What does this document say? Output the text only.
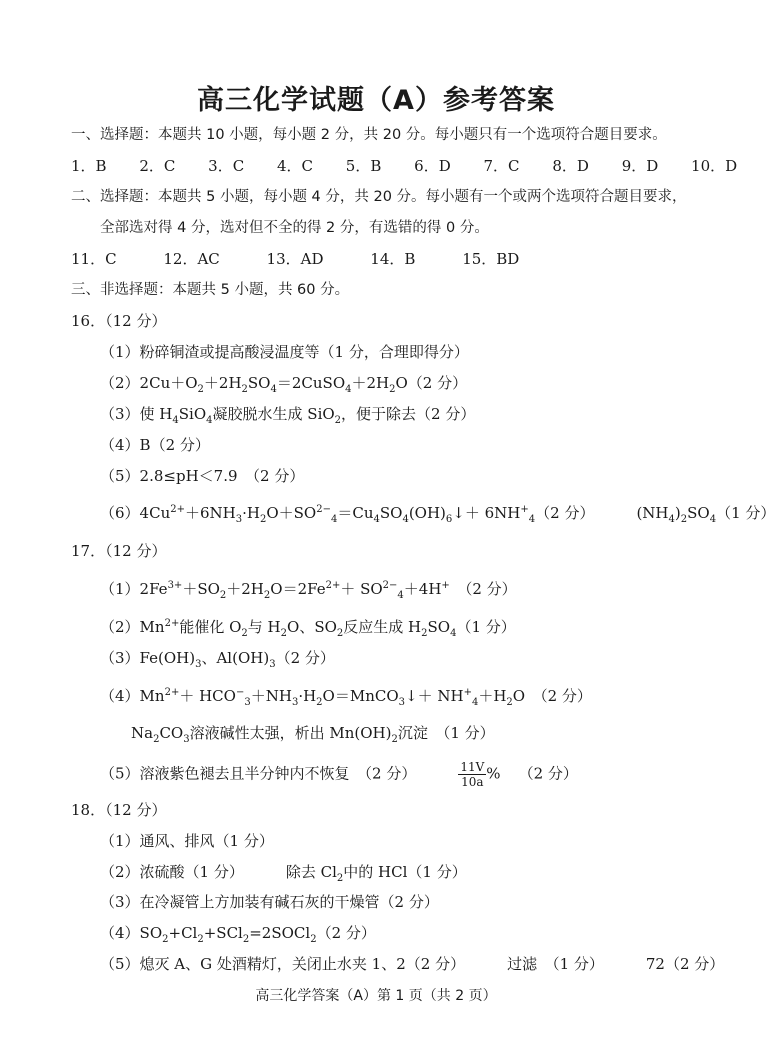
高三化学试题（A）参考答案
一、选择题：本题共 10 小题，每小题 2 分，共 20 分。每小题只有一个选项符合题目要求。
1．B 2．C 3．C 4．C 5．B 6．D 7．C 8．D 9．D 10．D
二、选择题：本题共 5 小题，每小题 4 分，共 20 分。每小题有一个或两个选项符合题目要求，
全部选对得 4 分，选对但不全的得 2 分，有选错的得 0 分。
11．C	12．AC	13．AD	14．B	15．BD
三、非选择题：本题共 5 小题，共 60 分。
16．（12 分）
（1）粉碎铜渣或提高酸浸温度等（1 分，合理即得分）
$(2)2Cu+O_2+2H_2SO_4=2CuSO_4+2H_2O(2$ 分）
（3）使 $H_4SiO_4$凝胶脱水生成 SiO$_2$，便于除去（2 分）
（4）B（2 分）
（5）2.8≤pH＜7.9　（2 分）
$(6)4Cu^{2+}+6NH_3\cdot H_2O+SO^{2-}_4=Cu_4SO_4(OH)_6↓+ 6NH^+_4(2$ 分）	$(NH_4)_2SO_4(1$ 分）
17．（12 分）
$(1)2Fe^{3+}+SO_2+2H_2O=2Fe^{2+}+ SO^{2-}_4+4H^+$　（2 分）
$(2)Mn^{2+}$能催化 $O_2$与 $H_2O$、$SO_2$反应生成 $H_2SO_4(1$ 分）
$(3)Fe(OH)_3$、$Al(OH)_3(2$ 分）
$(4)Mn^{2+}+$ $HCO^-_3+NH_3\cdot H_2O=MnCO_3↓+ NH^+_4+H_2O$　（2 分）
$Na_2CO_3$溶液碱性太强，析出 $Mn(OH)_2$沉淀　（1 分）
（5）溶液紫色褪去且半分钟内不恢复　（2 分）	$\frac{11V}{10a}$ % （2 分）
18．（12 分）
（1）通风、排风（1 分）
（2）浓硫酸（1 分）	除去 $Cl_2$中的 HCl（1 分）
（3）在冷凝管上方加装有碱石灰的干燥管（2 分）
$(4)SO_2+Cl_2+SCl_2=2SOCl_2(2$ 分）
（5）熄灭 A、G 处酒精灯，关闭止水夹 1、2（2 分）	过滤　（1 分）	72（2 分）
高三化学答案（A）第 1 页（共 2 页）
